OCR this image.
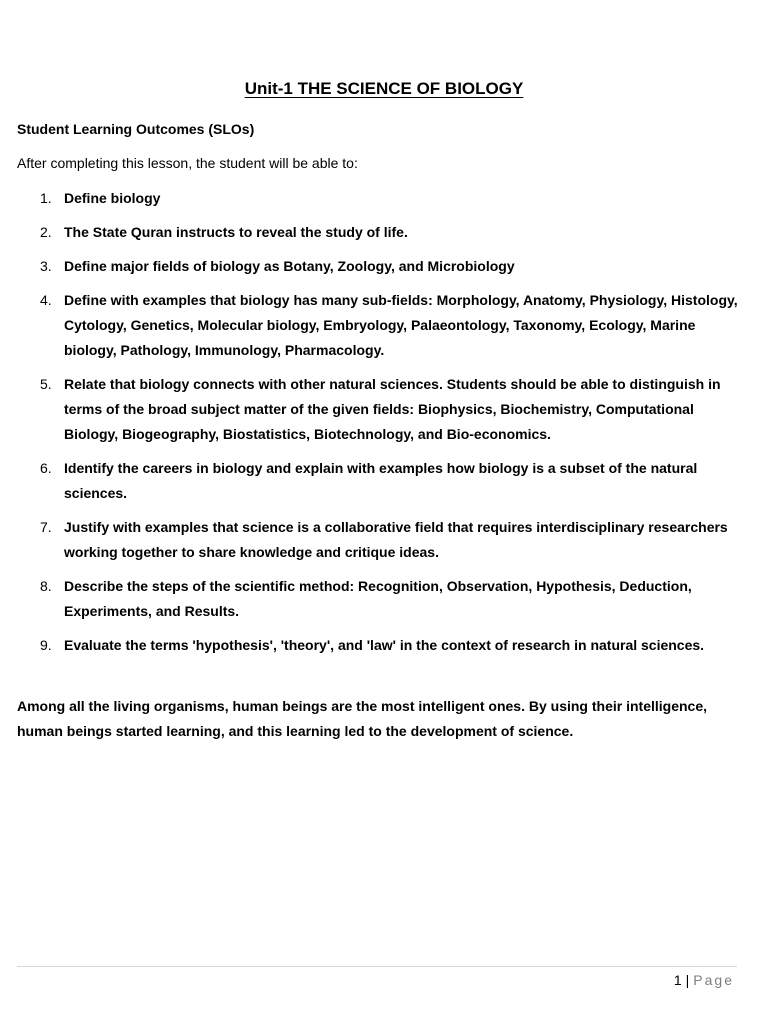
Unit-1 THE SCIENCE OF BIOLOGY
Student Learning Outcomes (SLOs)
After completing this lesson, the student will be able to:
1. Define biology
2. The State Quran instructs to reveal the study of life.
3. Define major fields of biology as Botany, Zoology, and Microbiology
4. Define with examples that biology has many sub-fields: Morphology, Anatomy, Physiology, Histology, Cytology, Genetics, Molecular biology, Embryology, Palaeontology, Taxonomy, Ecology, Marine biology, Pathology, Immunology, Pharmacology.
5. Relate that biology connects with other natural sciences. Students should be able to distinguish in terms of the broad subject matter of the given fields: Biophysics, Biochemistry, Computational Biology, Biogeography, Biostatistics, Biotechnology, and Bio-economics.
6. Identify the careers in biology and explain with examples how biology is a subset of the natural sciences.
7. Justify with examples that science is a collaborative field that requires interdisciplinary researchers working together to share knowledge and critique ideas.
8. Describe the steps of the scientific method: Recognition, Observation, Hypothesis, Deduction, Experiments, and Results.
9. Evaluate the terms 'hypothesis', 'theory', and 'law' in the context of research in natural sciences.
Among all the living organisms, human beings are the most intelligent ones. By using their intelligence, human beings started learning, and this learning led to the development of science.
1 | Page
